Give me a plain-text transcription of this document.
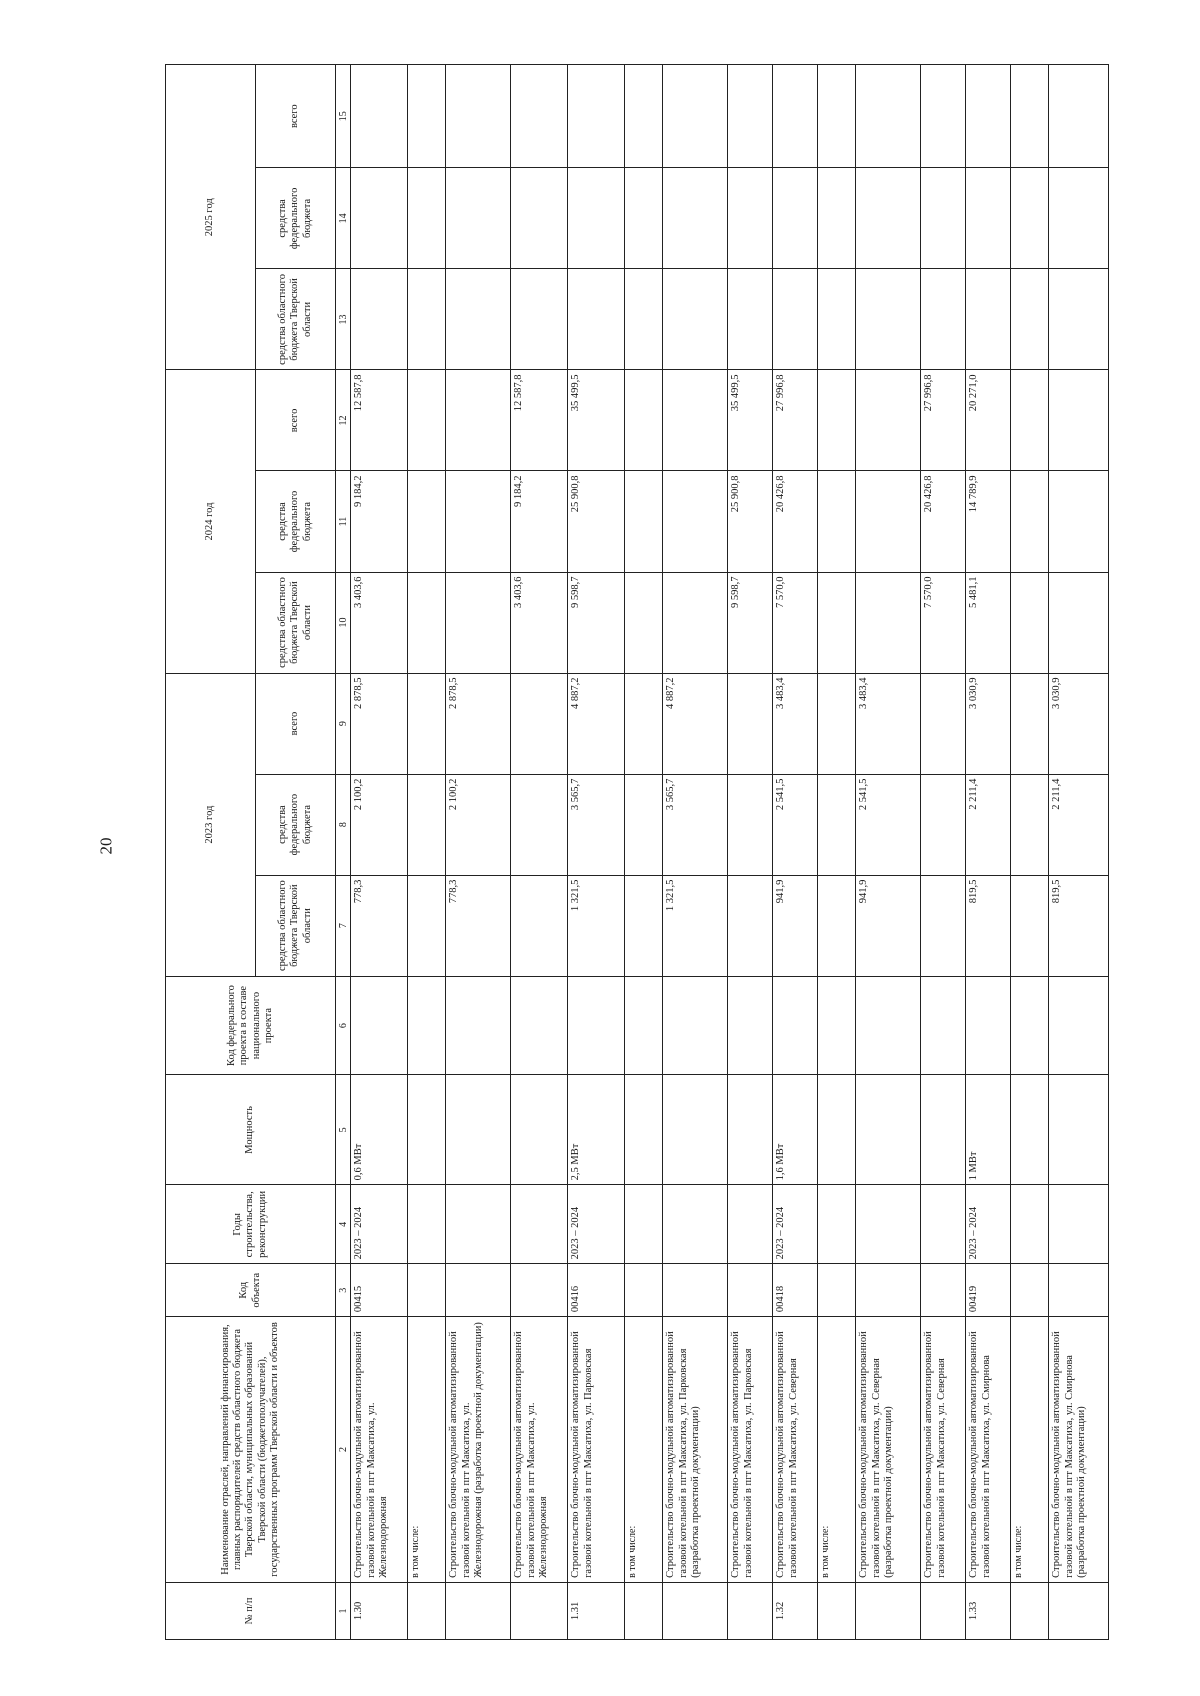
20
№ п/п	Наименование отраслей, направлений финансирования, главных распорядителей средств областного бюджета Тверской области, муниципальных образований Тверской области (бюджетополучателей), государственных программ Тверской области и объектов	Код объекта	Годы строительства, реконструкции	Мощность	Код федерального проекта в составе национального проекта	2023 год			2024 год			2025 год		
						средства областного бюджета Тверской области	средства федерального бюджета	всего	средства областного бюджета Тверской области	средства федерального бюджета	всего	средства областного бюджета Тверской области	средства федерального бюджета	всего
1	2	3	4	5	6	7	8	9	10	11	12	13	14	15
1.30	Строительство блочно-модульной автоматизированной газовой котельной в пгт Максатиха, ул. Железнодорожная	00415	2023 – 2024	0,6 МВт		778,3	2 100,2	2 878,5	3 403,6	9 184,2	12 587,8			
	в том числе:													
	Строительство блочно-модульной автоматизированной газовой котельной в пгт Максатиха, ул. Железнодорожная (разработка проектной документации)					778,3	2 100,2	2 878,5						
	Строительство блочно-модульной автоматизированной газовой котельной в пгт Максатиха, ул. Железнодорожная								3 403,6	9 184,2	12 587,8			
1.31	Строительство блочно-модульной автоматизированной газовой котельной в пгт Максатиха, ул. Парковская	00416	2023 – 2024	2,5 МВт		1 321,5	3 565,7	4 887,2	9 598,7	25 900,8	35 499,5			
	в том числе:													
	Строительство блочно-модульной автоматизированной газовой котельной в пгт Максатиха, ул. Парковская (разработка проектной документации)					1 321,5	3 565,7	4 887,2						
	Строительство блочно-модульной автоматизированной газовой котельной в пгт Максатиха, ул. Парковская								9 598,7	25 900,8	35 499,5			
1.32	Строительство блочно-модульной автоматизированной газовой котельной в пгт Максатиха, ул. Северная	00418	2023 – 2024	1,6 МВт		941,9	2 541,5	3 483,4	7 570,0	20 426,8	27 996,8			
	в том числе:													
	Строительство блочно-модульной автоматизированной газовой котельной в пгт Максатиха, ул. Северная (разработка проектной документации)					941,9	2 541,5	3 483,4						
	Строительство блочно-модульной автоматизированной газовой котельной в пгт Максатиха, ул. Северная								7 570,0	20 426,8	27 996,8			
1.33	Строительство блочно-модульной автоматизированной газовой котельной в пгт Максатиха, ул. Смирнова	00419	2023 – 2024	1 МВт		819,5	2 211,4	3 030,9	5 481,1	14 789,9	20 271,0			
	в том числе:													
	Строительство блочно-модульной автоматизированной газовой котельной в пгт Максатиха, ул. Смирнова (разработка проектной документации)					819,5	2 211,4	3 030,9						
